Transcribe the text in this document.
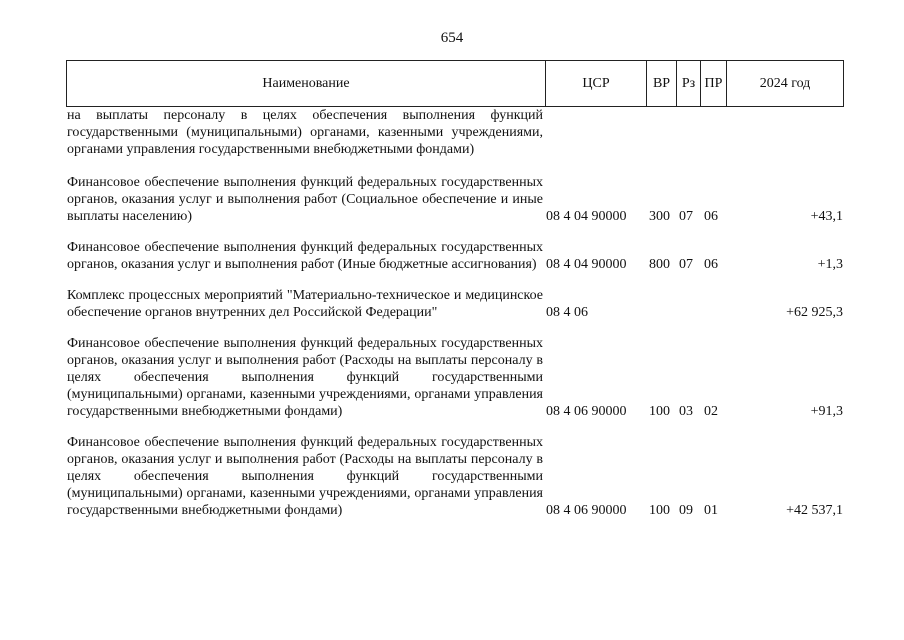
654
Наименование	ЦСР	ВР Рз ПР	2024 год
на выплаты персоналу в целях обеспечения выполнения функций государственными (муниципальными) органами, казенными учреждениями, органами управления государственными внебюджетными фондами)
Финансовое обеспечение выполнения функций федеральных государственных органов, оказания услуг и выполнения работ (Социальное обеспечение и иные выплаты населению)	08 4 04 90000 300 07 06	+43,1
Финансовое обеспечение выполнения функций федеральных государственных органов, оказания услуг и выполнения работ (Иные бюджетные ассигнования) 08 4 04 90000 800 07 06	+1,3
Комплекс процессных мероприятий "Материально-техническое и медицинское обеспечение органов внутренних дел Российской Федерации"	08 4 06	+62 925,3
Финансовое обеспечение выполнения функций федеральных государственных органов, оказания услуг и выполнения работ (Расходы на выплаты персоналу в целях обеспечения выполнения функций государственными (муниципальными) органами, казенными учреждениями, органами управления государственными внебюджетными фондами)	08 4 06 90000 100 03 02	+91,3
Финансовое обеспечение выполнения функций федеральных государственных органов, оказания услуг и выполнения работ (Расходы на выплаты персоналу в целях обеспечения выполнения функций государственными (муниципальными) органами, казенными учреждениями, органами управления государственными внебюджетными фондами)	08 4 06 90000 100 09 01	+42 537,1
